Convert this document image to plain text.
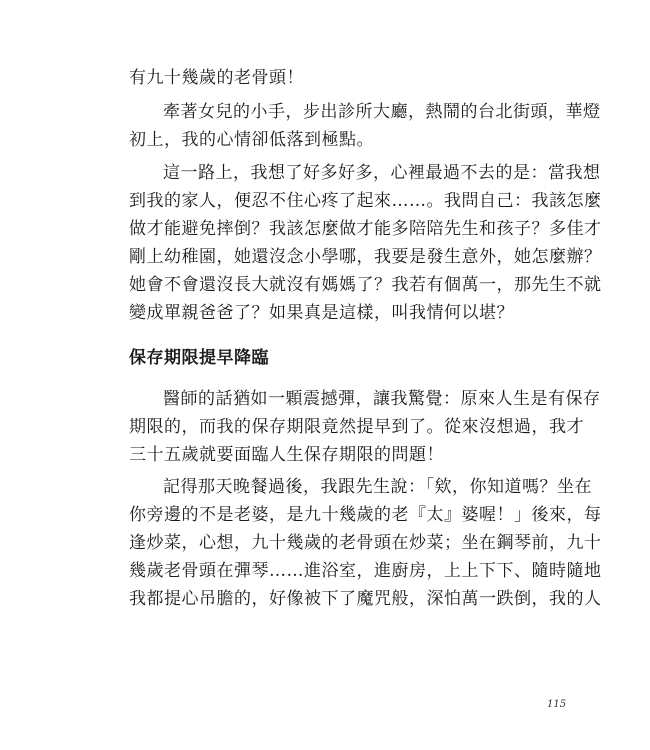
有九十幾歲的老骨頭！
牽著女兒的小手，步出診所大廳，熱鬧的台北街頭，華燈
初上，我的心情卻低落到極點。
這一路上，我想了好多好多，心裡最過不去的是：當我想
到我的家人，便忍不住心疼了起來……。我問自己：我該怎麼
做才能避免摔倒？我該怎麼做才能多陪陪先生和孩子？多佳才
剛上幼稚園，她還沒念小學哪，我要是發生意外，她怎麼辦？
她會不會還沒長大就沒有媽媽了？我若有個萬一，那先生不就
變成單親爸爸了？如果真是這樣，叫我情何以堪？
保存期限提早降臨
醫師的話猶如一顆震撼彈，讓我驚覺：原來人生是有保存
期限的，而我的保存期限竟然提早到了。從來沒想過，我才
三十五歲就要面臨人生保存期限的問題！
記得那天晚餐過後，我跟先生說：「欸，你知道嗎？坐在
你旁邊的不是老婆，是九十幾歲的老『太』婆喔！」後來，每
逢炒菜，心想，九十幾歲的老骨頭在炒菜；坐在鋼琴前，九十
幾歲老骨頭在彈琴……進浴室，進廚房，上上下下、隨時隨地
我都提心吊膽的，好像被下了魔咒般，深怕萬一跌倒，我的人
115
